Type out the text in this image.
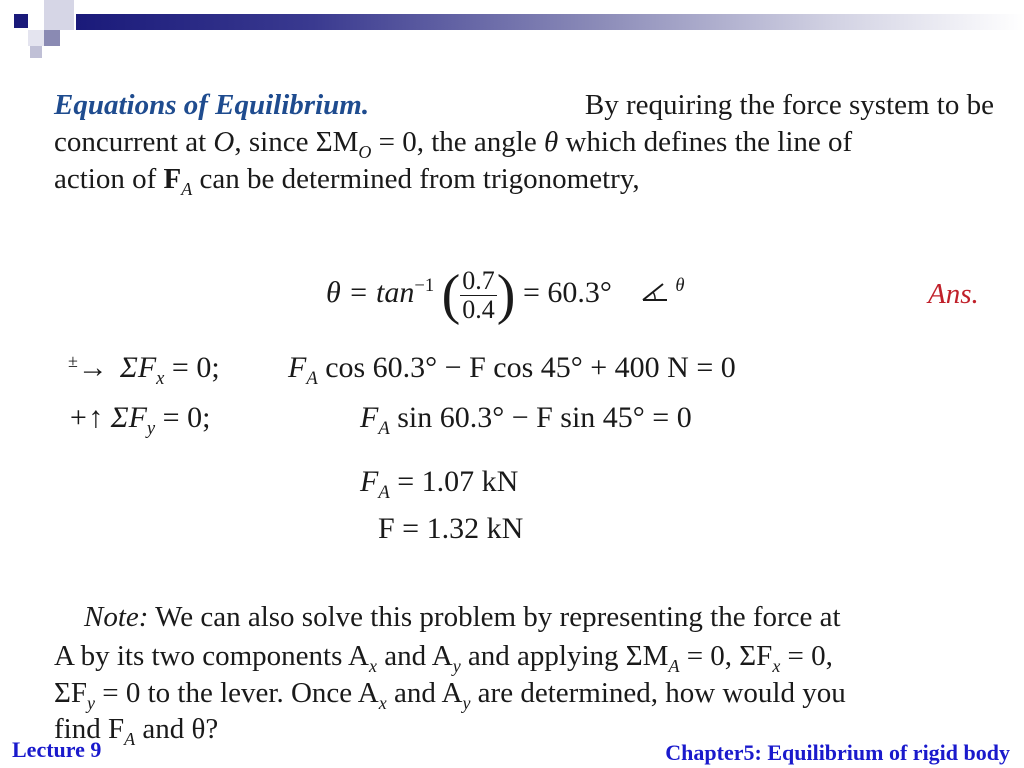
Equations of Equilibrium.	By requiring the force system to be
concurrent at O, since $\Sigma M_O = 0$, the angle θ which defines the line of
action of $F_A$ can be determined from trigonometry,
$\theta = \tan^{-1}$ ( $\frac{0.7}{0.4}$ ) = 60.3°	$^\theta$	Ans.
$^\pm\to \Sigma F_x = 0$; $F_A$ cos 60.3° − F cos 45° + 400 N = 0
+↑ $\Sigma F_y = 0$;	$F_A$ sin 60.3° − F sin 45° = 0
$F_A = 1.07$ kN
F = 1.32 kN
Note: We can also solve this problem by representing the force at
A by its two components $A_x$ and $A_y$ and applying $\Sigma M_A = 0$, $\Sigma F_x = 0$,
$\Sigma F_y = 0$ to the lever. Once $A_x$ and $A_y$ are determined, how would you
find $F_A$ and θ?
Lecture 9	Chapter5: Equilibrium of rigid body
